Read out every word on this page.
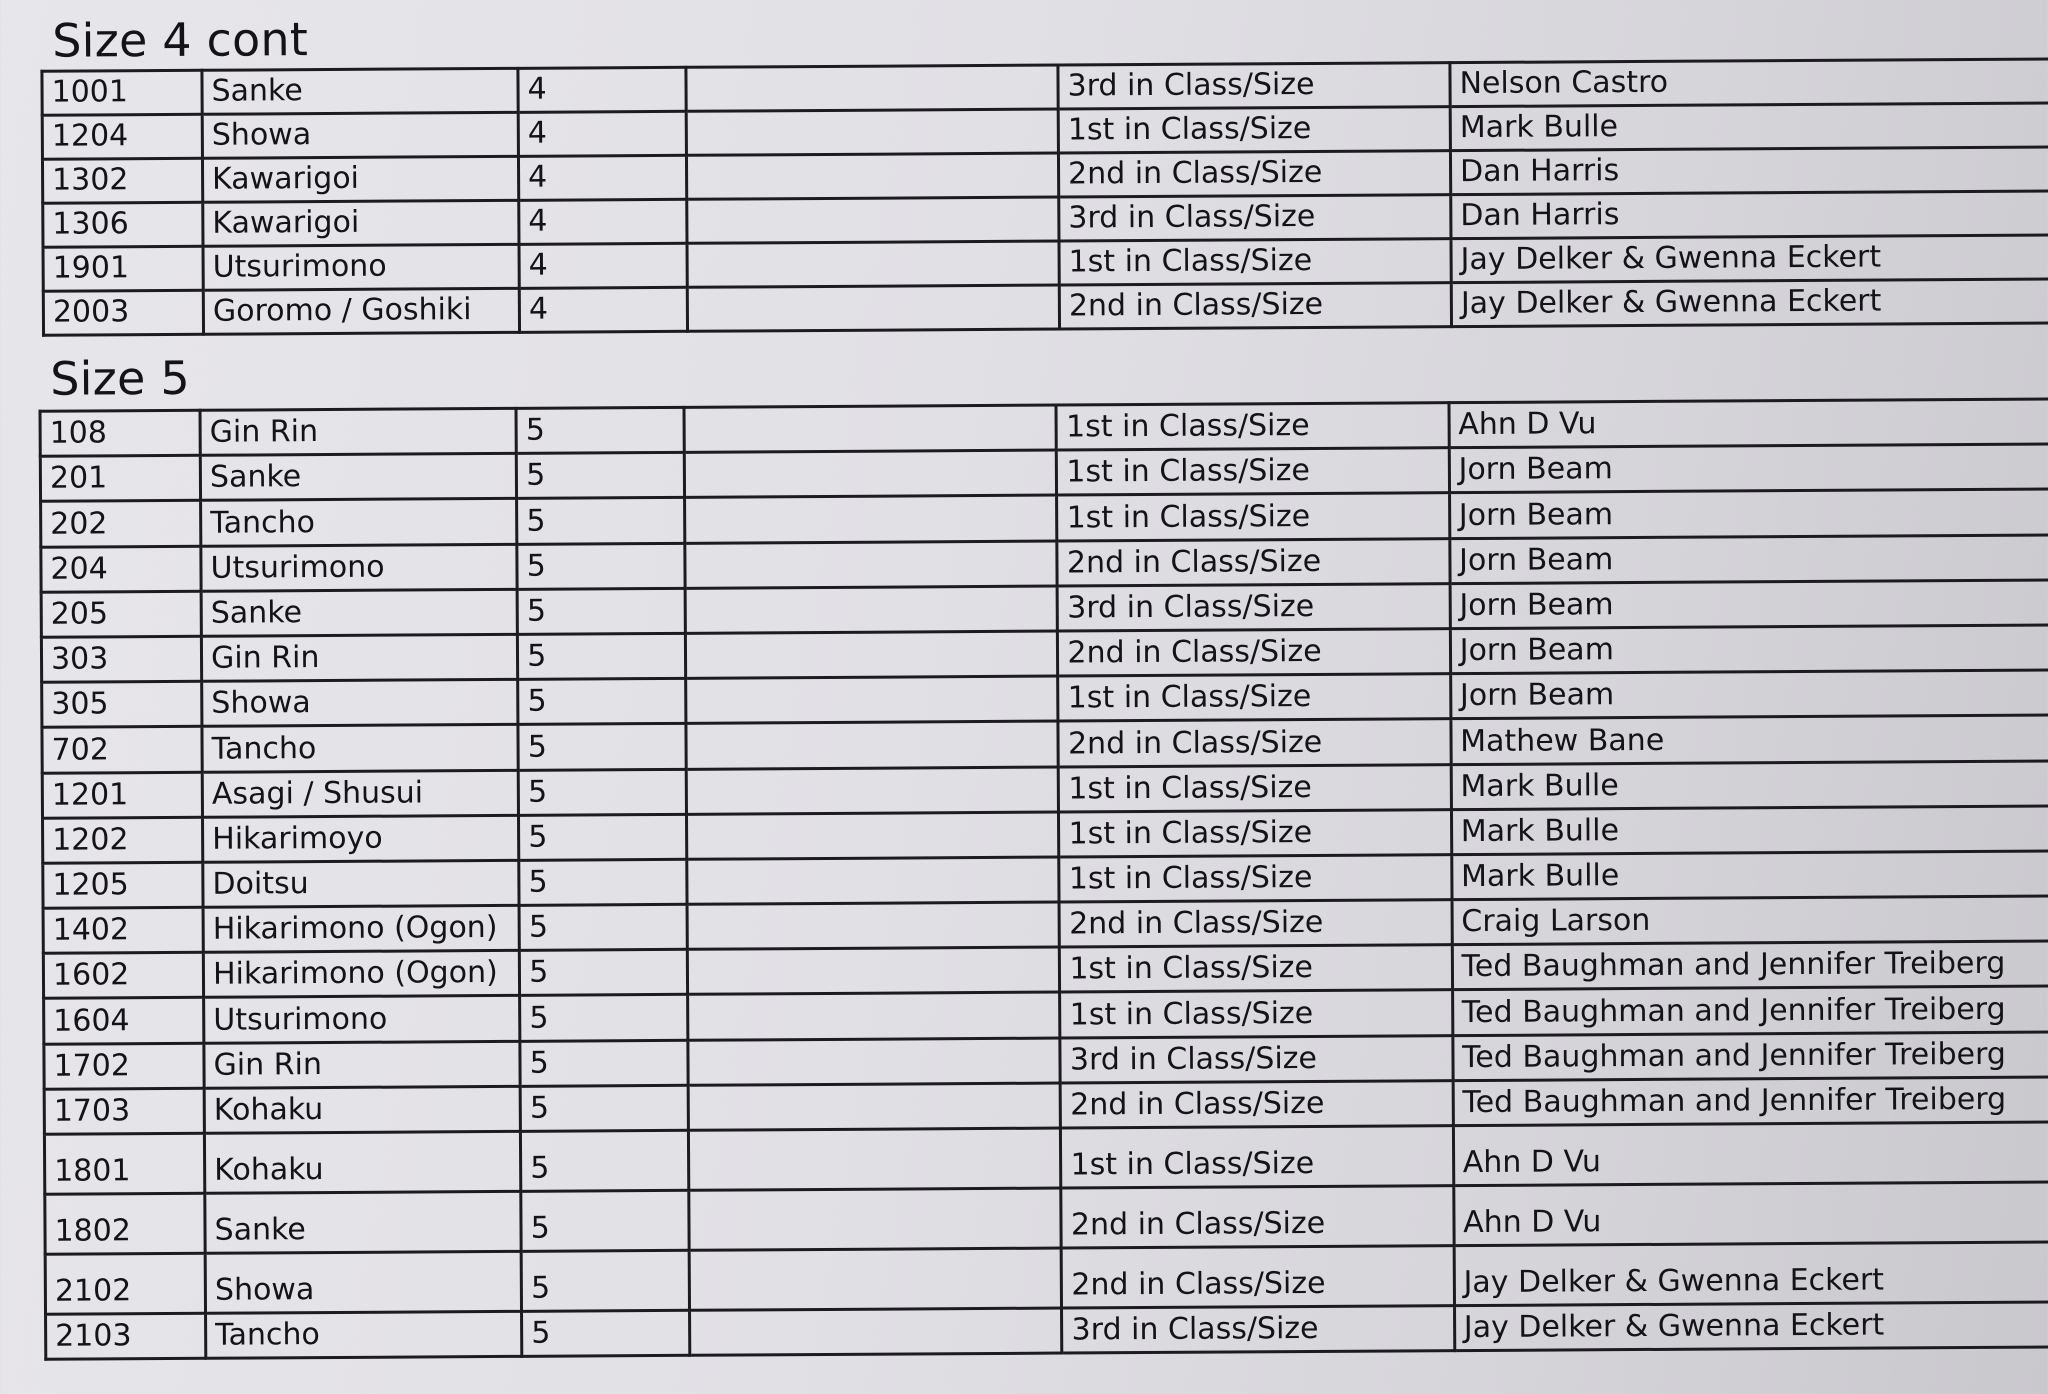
Size 4 cont
1001	Sanke	4		3rd in Class/Size	Nelson Castro
1204	Showa	4		1st in Class/Size	Mark Bulle
1302	Kawarigoi	4		2nd in Class/Size	Dan Harris
1306	Kawarigoi	4		3rd in Class/Size	Dan Harris
1901	Utsurimono	4		1st in Class/Size	Jay Delker & Gwenna Eckert
2003	Goromo / Goshiki	4		2nd in Class/Size	Jay Delker & Gwenna Eckert
Size 5
108	Gin Rin	5		1st in Class/Size	Ahn D Vu
201	Sanke	5		1st in Class/Size	Jorn Beam
202	Tancho	5		1st in Class/Size	Jorn Beam
204	Utsurimono	5		2nd in Class/Size	Jorn Beam
205	Sanke	5		3rd in Class/Size	Jorn Beam
303	Gin Rin	5		2nd in Class/Size	Jorn Beam
305	Showa	5		1st in Class/Size	Jorn Beam
702	Tancho	5		2nd in Class/Size	Mathew Bane
1201	Asagi / Shusui	5		1st in Class/Size	Mark Bulle
1202	Hikarimoyo	5		1st in Class/Size	Mark Bulle
1205	Doitsu	5		1st in Class/Size	Mark Bulle
1402	Hikarimono (Ogon)	5		2nd in Class/Size	Craig Larson
1602	Hikarimono (Ogon)	5		1st in Class/Size	Ted Baughman and Jennifer Treiberg
1604	Utsurimono	5		1st in Class/Size	Ted Baughman and Jennifer Treiberg
1702	Gin Rin	5		3rd in Class/Size	Ted Baughman and Jennifer Treiberg
1703	Kohaku	5		2nd in Class/Size	Ted Baughman and Jennifer Treiberg
1801	Kohaku	5		1st in Class/Size	Ahn D Vu
1802	Sanke	5		2nd in Class/Size	Ahn D Vu
2102	Showa	5		2nd in Class/Size	Jay Delker & Gwenna Eckert
2103	Tancho	5		3rd in Class/Size	Jay Delker & Gwenna Eckert
